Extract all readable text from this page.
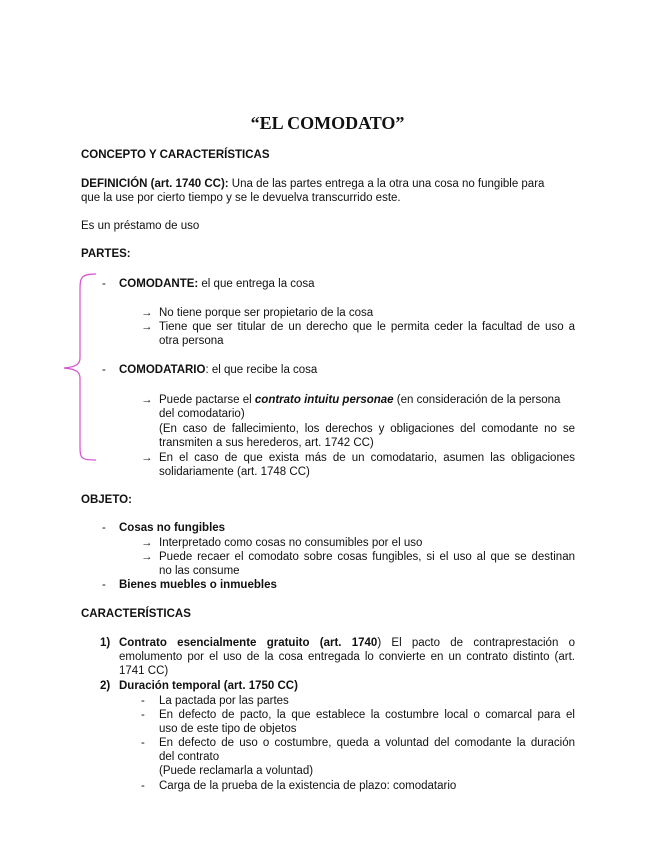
“EL COMODATO”
CONCEPTO Y CARACTERÍSTICAS
DEFINICIÓN (art. 1740 CC): Una de las partes entrega a la otra una cosa no fungible para
que la use por cierto tiempo y se le devuelva transcurrido este.
Es un préstamo de uso
PARTES:
- COMODANTE: el que entrega la cosa
→ No tiene porque ser propietario de la cosa
→ Tiene que ser titular de un derecho que le permita ceder la facultad de uso a
otra persona
- COMODATARIO: el que recibe la cosa
→ Puede pactarse el contrato intuitu personae (en consideración de la persona
del comodatario)
(En caso de fallecimiento, los derechos y obligaciones del comodante no se
transmiten a sus herederos, art. 1742 CC)
→ En el caso de que exista más de un comodatario, asumen las obligaciones
solidariamente (art. 1748 CC)
OBJETO:
- Cosas no fungibles
→ Interpretado como cosas no consumibles por el uso
→ Puede recaer el comodato sobre cosas fungibles, si el uso al que se destinan
no las consume
- Bienes muebles o inmuebles
CARACTERÍSTICAS
1) Contrato esencialmente gratuito (art. 1740) El pacto de contraprestación o
emolumento por el uso de la cosa entregada lo convierte en un contrato distinto (art.
1741 CC)
2) Duración temporal (art. 1750 CC)
- La pactada por las partes
- En defecto de pacto, la que establece la costumbre local o comarcal para el
uso de este tipo de objetos
- En defecto de uso o costumbre, queda a voluntad del comodante la duración
del contrato
(Puede reclamarla a voluntad)
- Carga de la prueba de la existencia de plazo: comodatario
